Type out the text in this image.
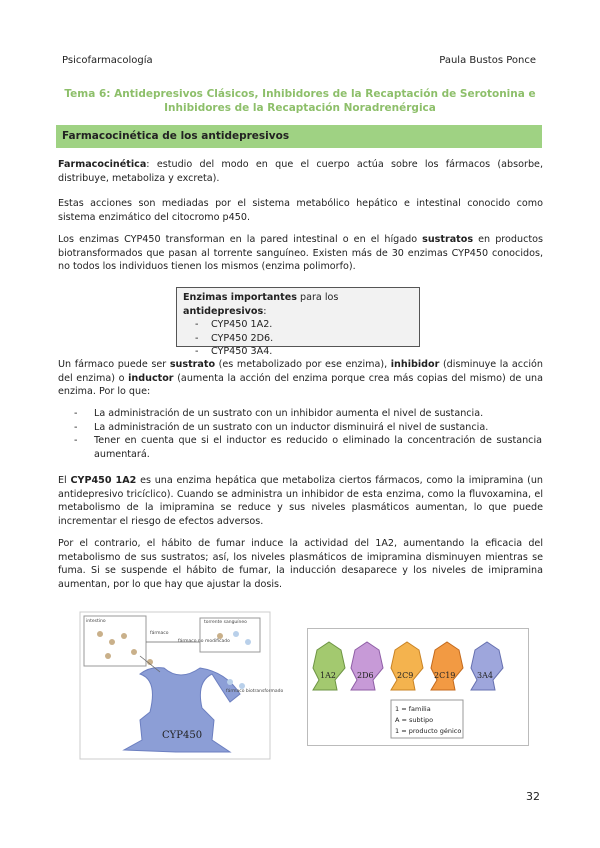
Psicofarmacología	Paula Bustos Ponce
Tema 6: Antidepresivos Clásicos, Inhibidores de la Recaptación de Serotonina e Inhibidores de la Recaptación Noradrenérgica
Farmacocinética de los antidepresivos
Farmacocinética: estudio del modo en que el cuerpo actúa sobre los fármacos (absorbe, distribuye, metaboliza y excreta).
Estas acciones son mediadas por el sistema metabólico hepático e intestinal conocido como sistema enzimático del citocromo p450.
Los enzimas CYP450 transforman en la pared intestinal o en el hígado sustratos en productos biotransformados que pasan al torrente sanguíneo. Existen más de 30 enzimas CYP450 conocidos, no todos los individuos tienen los mismos (enzima polimorfo).
Enzimas importantes para los antidepresivos:
- CYP450 1A2.
- CYP450 2D6.
- CYP450 3A4.
Un fármaco puede ser sustrato (es metabolizado por ese enzima), inhibidor (disminuye la acción del enzima) o inductor (aumenta la acción del enzima porque crea más copias del mismo) de una enzima. Por lo que:
- La administración de un sustrato con un inhibidor aumenta el nivel de sustancia.
- La administración de un sustrato con un inductor disminuirá el nivel de sustancia.
- Tener en cuenta que si el inductor es reducido o eliminado la concentración de sustancia aumentará.
El CYP450 1A2 es una enzima hepática que metaboliza ciertos fármacos, como la imipramina (un antidepresivo tricíclico). Cuando se administra un inhibidor de esta enzima, como la fluvoxamina, el metabolismo de la imipramina se reduce y sus niveles plasmáticos aumentan, lo que puede incrementar el riesgo de efectos adversos.
Por el contrario, el hábito de fumar induce la actividad del 1A2, aumentando la eficacia del metabolismo de sus sustratos; así, los niveles plasmáticos de imipramina disminuyen mientras se fuma. Si se suspende el hábito de fumar, la inducción desaparece y los niveles de imipramina aumentan, por lo que hay que ajustar la dosis.
CYP450
intestino	torrente sanguíneo
fármaco
fármaco no modificado
fármaco biotransformado
1A2	2D6	2C9	2C19	3A4
1 = familia
A = subtipo
1 = producto génico
32
